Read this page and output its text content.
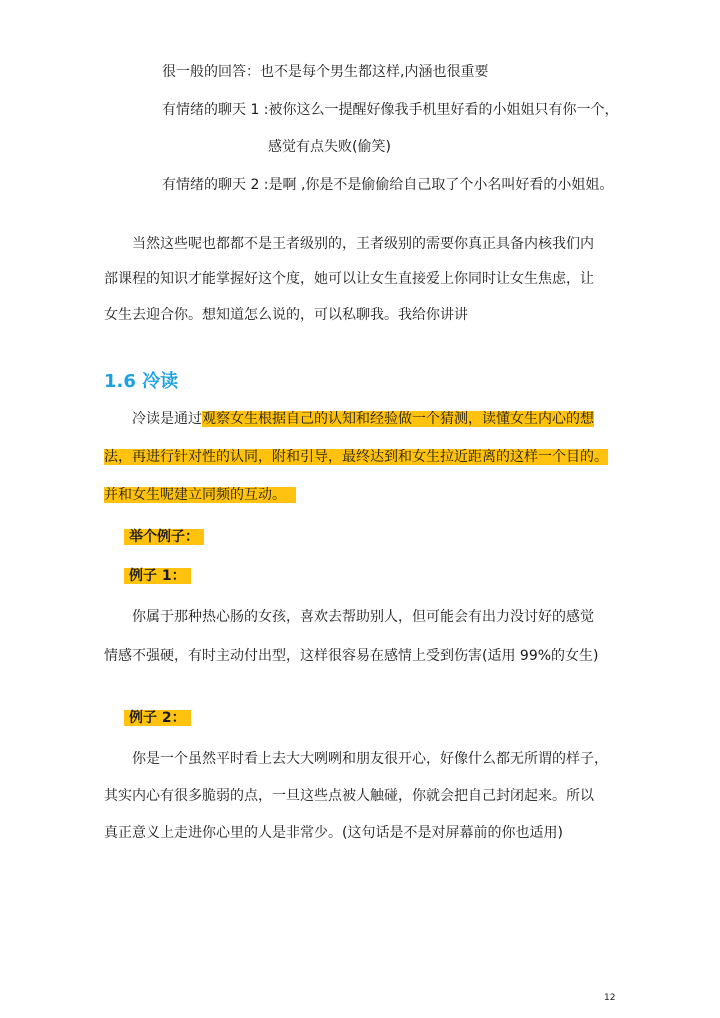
很一般的回答：也不是每个男生都这样,内涵也很重要
有情绪的聊天 1 :被你这么一提醒好像我手机里好看的小姐姐只有你一个，
感觉有点失败(偷笑)
有情绪的聊天 2 :是啊 ,你是不是偷偷给自己取了个小名叫好看的小姐姐。
当然这些呢也都都不是王者级别的，王者级别的需要你真正具备内核我们内
部课程的知识才能掌握好这个度，她可以让女生直接爱上你同时让女生焦虑，让
女生去迎合你。想知道怎么说的，可以私聊我。我给你讲讲
1.6 冷读
冷读是通过观察女生根据自己的认知和经验做一个猜测，读懂女生内心的想
法，再进行针对性的认同，附和引导，最终达到和女生拉近距离的这样一个目的。
并和女生呢建立同频的互动。
举个例子：
例子 1：
你属于那种热心肠的女孩，喜欢去帮助别人，但可能会有出力没讨好的感觉
情感不强硬，有时主动付出型，这样很容易在感情上受到伤害(适用 99%的女生)
例子 2：
你是一个虽然平时看上去大大咧咧和朋友很开心，好像什么都无所谓的样子，
其实内心有很多脆弱的点，一旦这些点被人触碰，你就会把自己封闭起来。所以
真正意义上走进你心里的人是非常少。(这句话是不是对屏幕前的你也适用)
12
